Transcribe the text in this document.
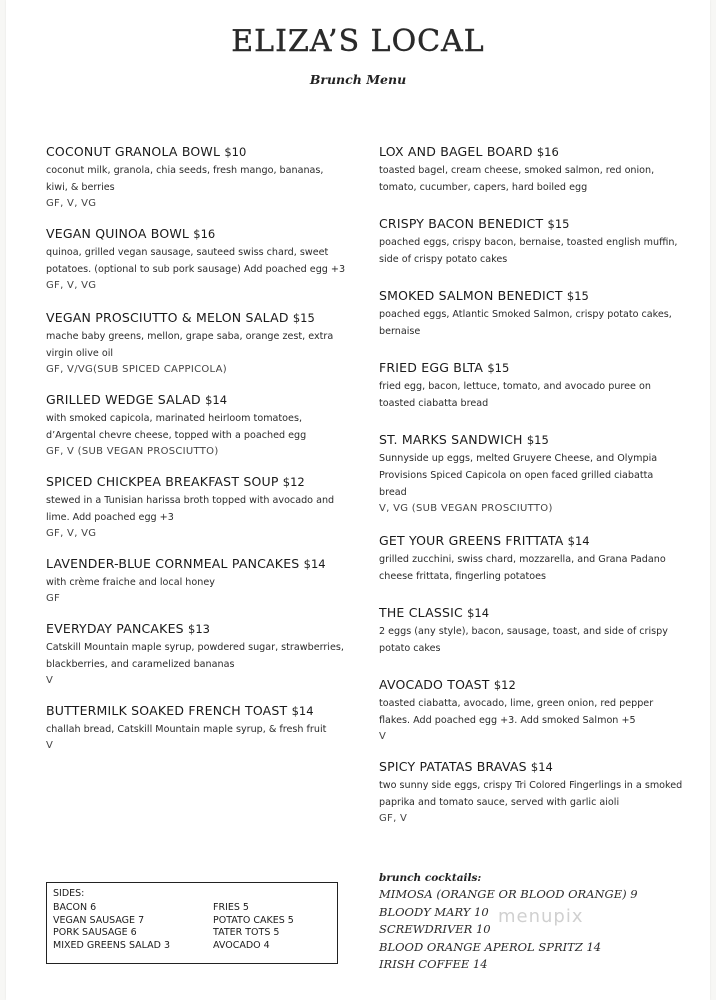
ELIZA’S LOCAL
Brunch Menu
COCONUT GRANOLA BOWL $10
coconut milk, granola, chia seeds, fresh mango, bananas, kiwi, & berries
GF, V, VG
VEGAN QUINOA BOWL $16
quinoa, grilled vegan sausage, sauteed swiss chard, sweet potatoes. (optional to sub pork sausage) Add poached egg +3
GF, V, VG
VEGAN PROSCIUTTO & MELON SALAD $15
mache baby greens, mellon, grape saba, orange zest, extra virgin olive oil
GF, V/VG(SUB SPICED CAPPICOLA)
GRILLED WEDGE SALAD $14
with smoked capicola, marinated heirloom tomatoes, d’Argental chevre cheese, topped with a poached egg
GF, V (SUB VEGAN PROSCIUTTO)
SPICED CHICKPEA BREAKFAST SOUP $12
stewed in a Tunisian harissa broth topped with avocado and lime. Add poached egg +3
GF, V, VG
LAVENDER-BLUE CORNMEAL PANCAKES $14
with crème fraiche and local honey
GF
EVERYDAY PANCAKES $13
Catskill Mountain maple syrup, powdered sugar, strawberries, blackberries, and caramelized bananas
V
BUTTERMILK SOAKED FRENCH TOAST $14
challah bread, Catskill Mountain maple syrup, & fresh fruit
V
LOX AND BAGEL BOARD $16
toasted bagel, cream cheese, smoked salmon, red onion, tomato, cucumber, capers, hard boiled egg
CRISPY BACON BENEDICT $15
poached eggs, crispy bacon, bernaise, toasted english muffin, side of crispy potato cakes
SMOKED SALMON BENEDICT $15
poached eggs, Atlantic Smoked Salmon, crispy potato cakes, bernaise
FRIED EGG BLTA $15
fried egg, bacon, lettuce, tomato, and avocado puree on toasted ciabatta bread
ST. MARKS SANDWICH $15
Sunnyside up eggs, melted Gruyere Cheese, and Olympia Provisions Spiced Capicola on open faced grilled ciabatta bread
V, VG (SUB VEGAN PROSCIUTTO)
GET YOUR GREENS FRITTATA $14
grilled zucchini, swiss chard, mozzarella, and Grana Padano cheese frittata, fingerling potatoes
THE CLASSIC $14
2 eggs (any style), bacon, sausage, toast, and side of crispy potato cakes
AVOCADO TOAST $12
toasted ciabatta, avocado, lime, green onion, red pepper flakes. Add poached egg +3. Add smoked Salmon +5
V
SPICY PATATAS BRAVAS $14
two sunny side eggs, crispy Tri Colored Fingerlings in a smoked paprika and tomato sauce, served with garlic aioli
GF, V
SIDES:
BACON 6
VEGAN SAUSAGE 7
PORK SAUSAGE 6
MIXED GREENS SALAD 3
FRIES 5
POTATO CAKES 5
TATER TOTS 5
AVOCADO 4
brunch cocktails:
MIMOSA (ORANGE OR BLOOD ORANGE) 9
BLOODY MARY 10
SCREWDRIVER 10
BLOOD ORANGE APEROL SPRITZ 14
IRISH COFFEE 14
menupix
